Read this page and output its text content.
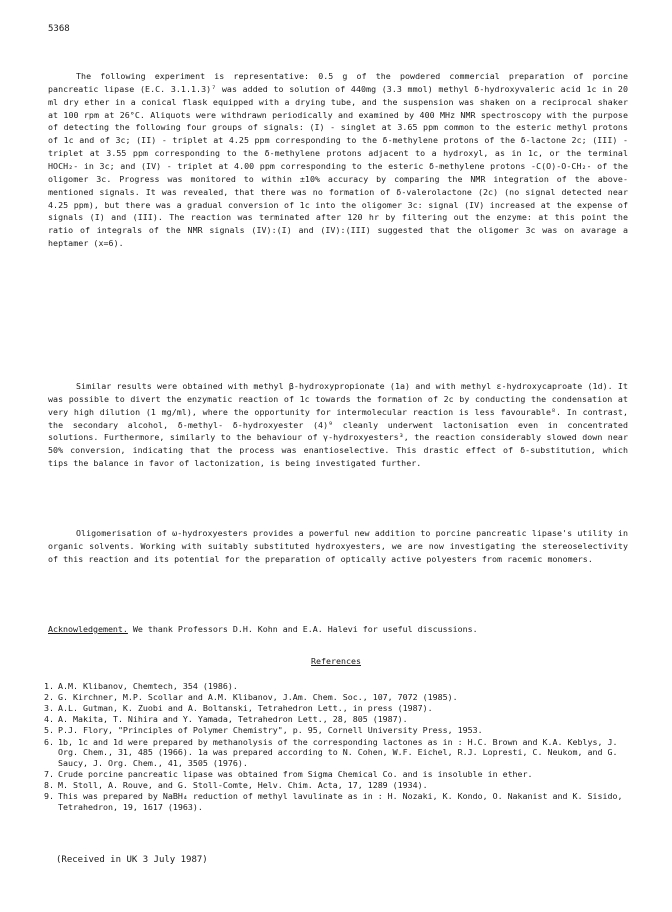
5368

The following experiment is representative: 0.5 g of the powdered commercial preparation of porcine pancreatic lipase (E.C. 3.1.1.3)⁷ was added to solution of 440mg (3.3 mmol) methyl δ-hydroxyvaleric acid 1c in 20 ml dry ether in a conical flask equipped with a drying tube, and the suspension was shaken on a reciprocal shaker at 100 rpm at 26°C. Aliquots were withdrawn periodically and examined by 400 MHz NMR spectroscopy with the purpose of detecting the following four groups of signals: (I) - singlet at 3.65 ppm common to the esteric methyl protons of 1c and of 3c; (II) - triplet at 4.25 ppm corresponding to the δ-methylene protons of the δ-lactone 2c; (III) - triplet at 3.55 ppm corresponding to the δ-methylene protons adjacent to a hydroxyl, as in 1c, or the terminal HOCH₂- in 3c; and (IV) - triplet at 4.00 ppm corresponding to the esteric δ-methylene protons -C(O)-O-CH₂- of the oligomer 3c. Progress was monitored to within ±10% accuracy by comparing the NMR integration of the above-mentioned signals. It was revealed, that there was no formation of δ-valerolactone (2c) (no signal detected near 4.25 ppm), but there was a gradual conversion of 1c into the oligomer 3c: signal (IV) increased at the expense of signals (I) and (III). The reaction was terminated after 120 hr by filtering out the enzyme: at this point the ratio of integrals of the NMR signals (IV):(I) and (IV):(III) suggested that the oligomer 3c was on avarage a heptamer (x=6).

Similar results were obtained with methyl β-hydroxypropionate (1a) and with methyl ε-hydroxycaproate (1d). It was possible to divert the enzymatic reaction of 1c towards the formation of 2c by conducting the condensation at very high dilution (1 mg/ml), where the opportunity for intermolecular reaction is less favourable⁸. In contrast, the secondary alcohol, δ-methyl- δ-hydroxyester (4)⁹ cleanly underwent lactonisation even in concentrated solutions. Furthermore, similarly to the behaviour of γ-hydroxyesters³, the reaction considerably slowed down near 50% conversion, indicating that the process was enantioselective. This drastic effect of δ-substitution, which tips the balance in favor of lactonization, is being investigated further.

Oligomerisation of ω-hydroxyesters provides a powerful new addition to porcine pancreatic lipase's utility in organic solvents. Working with suitably substituted hydroxyesters, we are now investigating the stereoselectivity of this reaction and its potential for the preparation of optically active polyesters from racemic monomers.

Acknowledgement. We thank Professors D.H. Kohn and E.A. Halevi for useful discussions.
References
1. A.M. Klibanov, Chemtech, 354 (1986).
2. G. Kirchner, M.P. Scollar and A.M. Klibanov, J.Am. Chem. Soc., 107, 7072 (1985).
3. A.L. Gutman, K. Zuobi and A. Boltanski, Tetrahedron Lett., in press (1987).
4. A. Makita, T. Nihira and Y. Yamada, Tetrahedron Lett., 28, 805 (1987).
5. P.J. Flory, "Principles of Polymer Chemistry", p. 95, Cornell University Press, 1953.
6. 1b, 1c and 1d were prepared by methanolysis of the corresponding lactones as in : H.C. Brown and K.A. Keblys, J. Org. Chem., 31, 485 (1966). 1a was prepared according to N. Cohen, W.F. Eichel, R.J. Lopresti, C. Neukom, and G. Saucy, J. Org. Chem., 41, 3505 (1976).
7. Crude porcine pancreatic lipase was obtained from Sigma Chemical Co. and is insoluble in ether.
8. M. Stoll, A. Rouve, and G. Stoll-Comte, Helv. Chim. Acta, 17, 1289 (1934).
9. This was prepared by NaBH₄ reduction of methyl lavulinate as in : H. Nozaki, K. Kondo, O. Nakanist and K. Sisido, Tetrahedron, 19, 1617 (1963).
(Received in UK 3 July 1987)
